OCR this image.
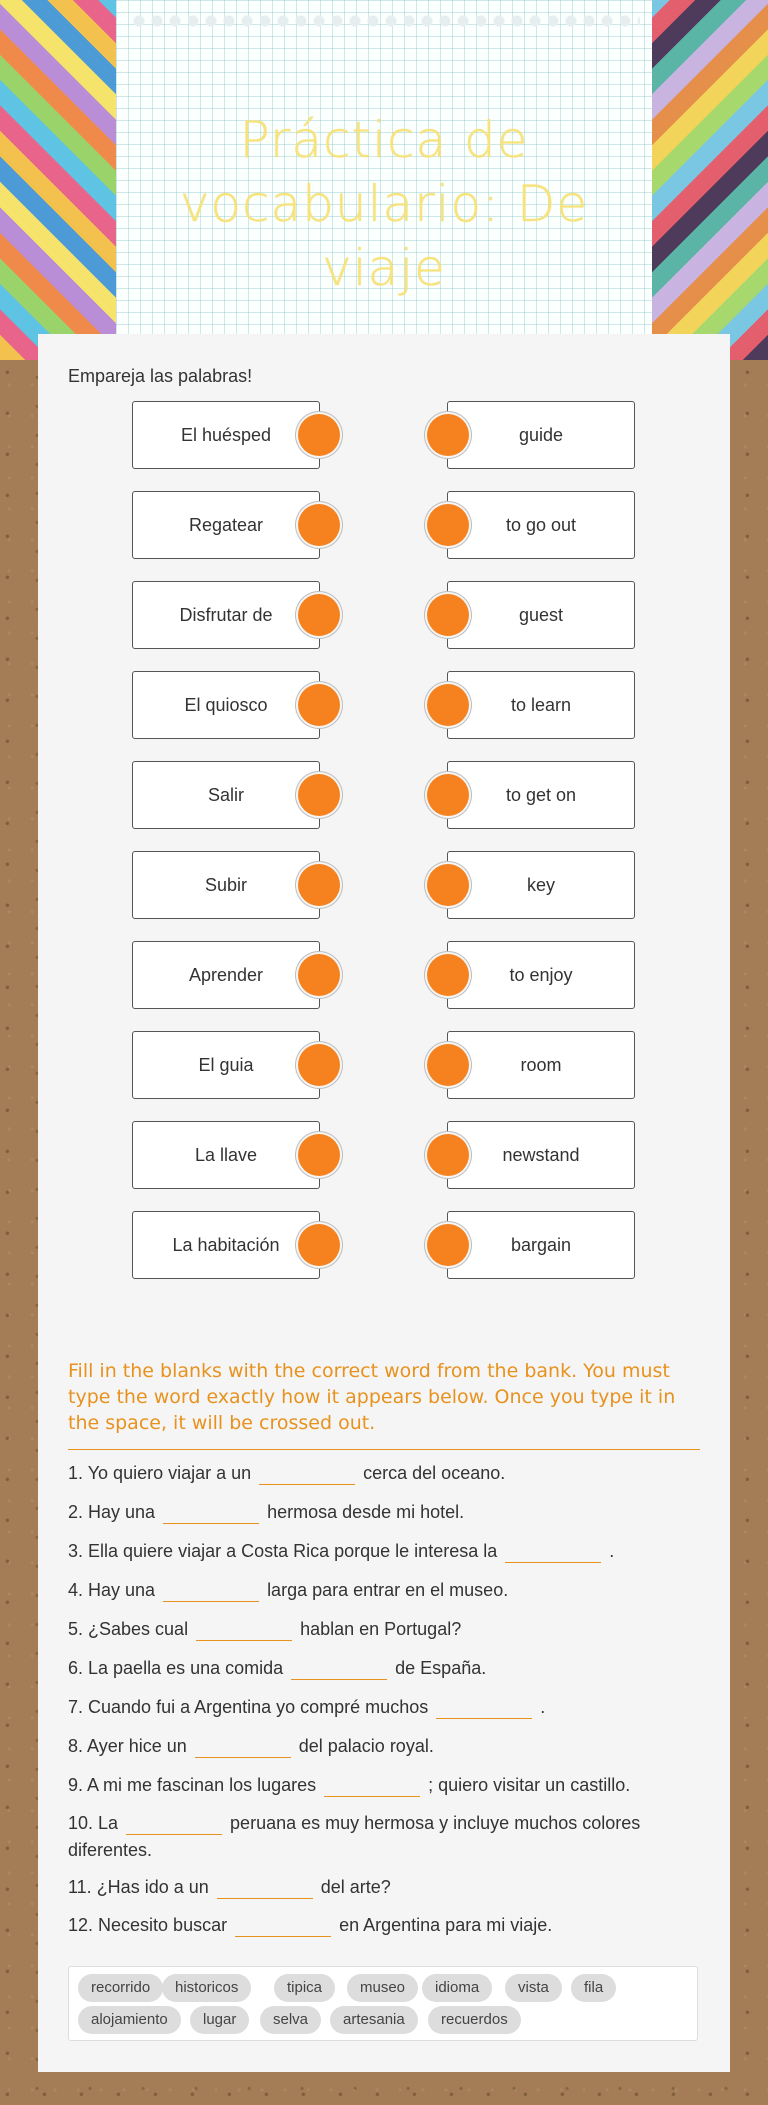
Práctica de vocabulario: De viaje
Empareja las palabras!
El huésped	guide
Regatear	to go out
Disfrutar de	guest
El quiosco	to learn
Salir	to get on
Subir	key
Aprender	to enjoy
El guia	room
La llave	newstand
La habitación	bargain
Fill in the blanks with the correct word from the bank. You must type the word exactly how it appears below. Once you type it in the space, it will be crossed out.
1. Yo quiero viajar a un	cerca del oceano.
2. Hay una	hermosa desde mi hotel.
3. Ella quiere viajar a Costa Rica porque le interesa la	.
4. Hay una	larga para entrar en el museo.
5. ¿Sabes cual	hablan en Portugal?
6. La paella es una comida	de España.
7. Cuando fui a Argentina yo compré muchos	.
8. Ayer hice un	del palacio royal.
9. A mi me fascinan los lugares	; quiero visitar un castillo.
10. La	peruana es muy hermosa y incluye muchos colores diferentes.
11. ¿Has ido a un	del arte?
12. Necesito buscar	en Argentina para mi viaje.
recorrido	historicos	tipica	museo	idioma	vista	fila
alojamiento	lugar	selva	artesania	recuerdos
